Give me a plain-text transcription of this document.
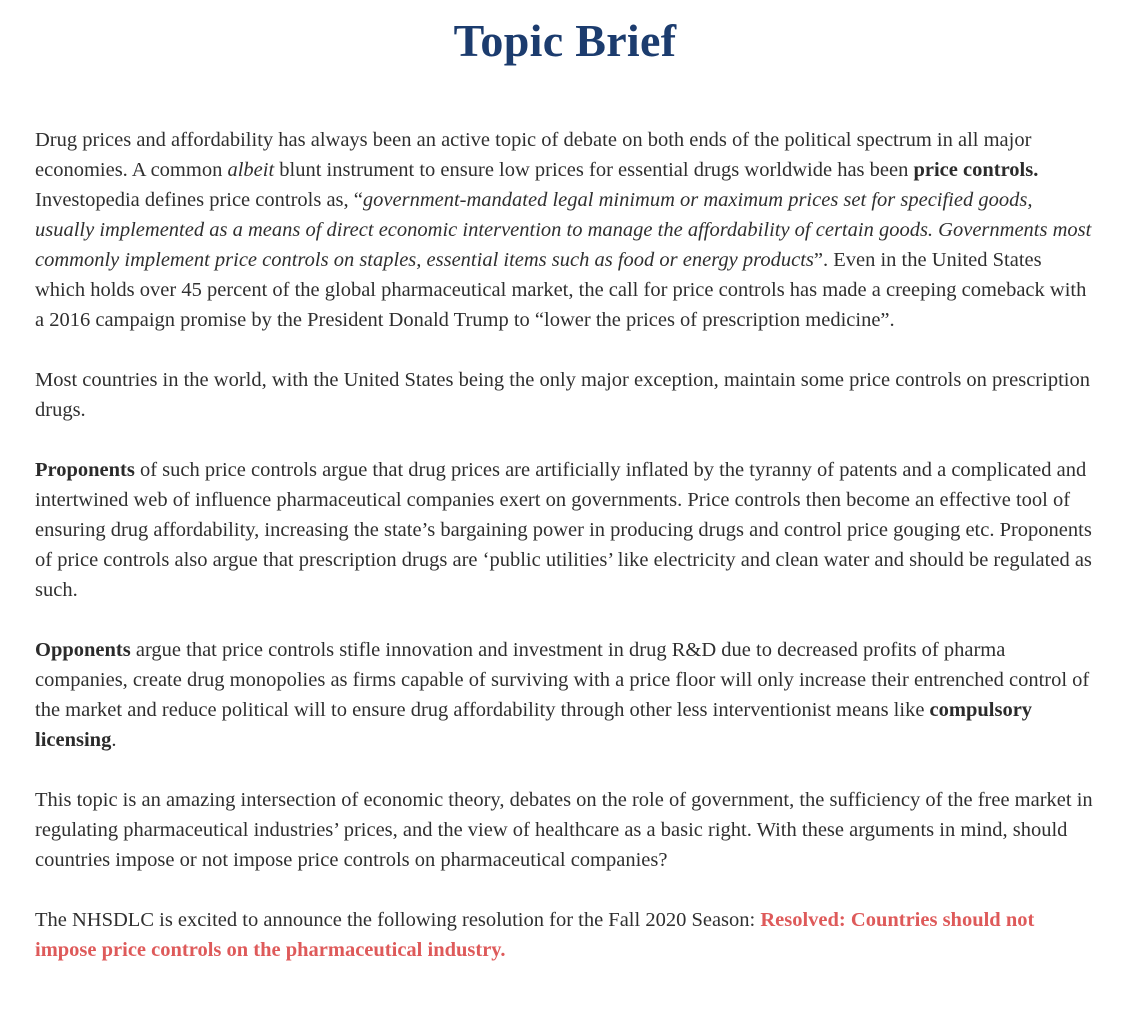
Topic Brief

Drug prices and affordability has always been an active topic of debate on both ends of the political spectrum in all major economies. A common albeit blunt instrument to ensure low prices for essential drugs worldwide has been price controls. Investopedia defines price controls as, “government-mandated legal minimum or maximum prices set for specified goods, usually implemented as a means of direct economic intervention to manage the affordability of certain goods. Governments most commonly implement price controls on staples, essential items such as food or energy products”. Even in the United States which holds over 45 percent of the global pharmaceutical market, the call for price controls has made a creeping comeback with a 2016 campaign promise by the President Donald Trump to “lower the prices of prescription medicine”.

Most countries in the world, with the United States being the only major exception, maintain some price controls on prescription drugs.

Proponents of such price controls argue that drug prices are artificially inflated by the tyranny of patents and a complicated and intertwined web of influence pharmaceutical companies exert on governments. Price controls then become an effective tool of ensuring drug affordability, increasing the state’s bargaining power in producing drugs and control price gouging etc. Proponents of price controls also argue that prescription drugs are ‘public utilities’ like electricity and clean water and should be regulated as such.

Opponents argue that price controls stifle innovation and investment in drug R&D due to decreased profits of pharma companies, create drug monopolies as firms capable of surviving with a price floor will only increase their entrenched control of the market and reduce political will to ensure drug affordability through other less interventionist means like compulsory licensing.

This topic is an amazing intersection of economic theory, debates on the role of government, the sufficiency of the free market in regulating pharmaceutical industries’ prices, and the view of healthcare as a basic right. With these arguments in mind, should countries impose or not impose price controls on pharmaceutical companies?

The NHSDLC is excited to announce the following resolution for the Fall 2020 Season: Resolved: Countries should not impose price controls on the pharmaceutical industry.
